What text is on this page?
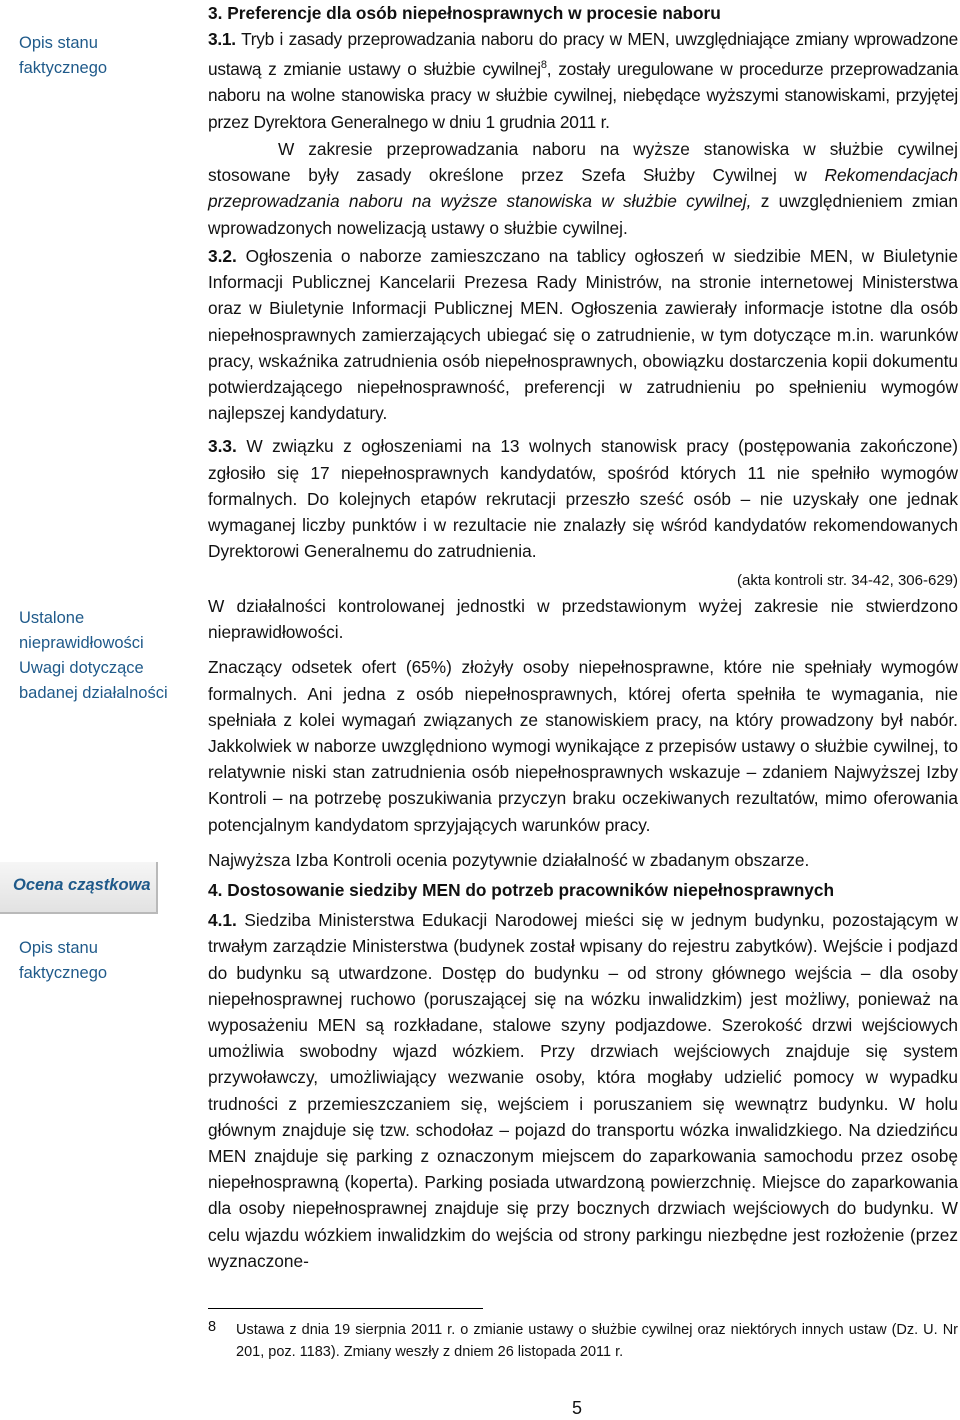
Opis stanu faktycznego
Ustalone nieprawidłowości
Uwagi dotyczące badanej działalności
Ocena cząstkowa
Opis stanu faktycznego

3. Preferencje dla osób niepełnosprawnych w procesie naboru

3.1. Tryb i zasady przeprowadzania naboru do pracy w MEN, uwzględniające zmiany wprowadzone ustawą z zmianie ustawy o służbie cywilnej$^8$, zostały uregulowane w procedurze przeprowadzania naboru na wolne stanowiska pracy w służbie cywilnej, niebędące wyższymi stanowiskami, przyjętej przez Dyrektora Generalnego w dniu 1 grudnia 2011 r.

W zakresie przeprowadzania naboru na wyższe stanowiska w służbie cywilnej stosowane były zasady określone przez Szefa Służby Cywilnej w Rekomendacjach przeprowadzania naboru na wyższe stanowiska w służbie cywilnej, z uwzględnieniem zmian wprowadzonych nowelizacją ustawy o służbie cywilnej.

3.2. Ogłoszenia o naborze zamieszczano na tablicy ogłoszeń w siedzibie MEN, w Biuletynie Informacji Publicznej Kancelarii Prezesa Rady Ministrów, na stronie internetowej Ministerstwa oraz w Biuletynie Informacji Publicznej MEN. Ogłoszenia zawierały informacje istotne dla osób niepełnosprawnych zamierzających ubiegać się o zatrudnienie, w tym dotyczące m.in. warunków pracy, wskaźnika zatrudnienia osób niepełnosprawnych, obowiązku dostarczenia kopii dokumentu potwierdzającego niepełnosprawność, preferencji w zatrudnieniu po spełnieniu wymogów najlepszej kandydatury.

3.3. W związku z ogłoszeniami na 13 wolnych stanowisk pracy (postępowania zakończone) zgłosiło się 17 niepełnosprawnych kandydatów, spośród których 11 nie spełniło wymogów formalnych. Do kolejnych etapów rekrutacji przeszło sześć osób – nie uzyskały one jednak wymaganej liczby punktów i w rezultacie nie znalazły się wśród kandydatów rekomendowanych Dyrektorowi Generalnemu do zatrudnienia.

(akta kontroli str. 34-42, 306-629)

W działalności kontrolowanej jednostki w przedstawionym wyżej zakresie nie stwierdzono nieprawidłowości.

Znaczący odsetek ofert (65%) złożyły osoby niepełnosprawne, które nie spełniały wymogów formalnych. Ani jedna z osób niepełnosprawnych, której oferta spełniła te wymagania, nie spełniała z kolei wymagań związanych ze stanowiskiem pracy, na który prowadzony był nabór. Jakkolwiek w naborze uwzględniono wymogi wynikające z przepisów ustawy o służbie cywilnej, to relatywnie niski stan zatrudnienia osób niepełnosprawnych wskazuje – zdaniem Najwyższej Izby Kontroli – na potrzebę poszukiwania przyczyn braku oczekiwanych rezultatów, mimo oferowania potencjalnym kandydatom sprzyjających warunków pracy.

Najwyższa Izba Kontroli ocenia pozytywnie działalność w zbadanym obszarze.

4. Dostosowanie siedziby MEN do potrzeb pracowników niepełnosprawnych

4.1. Siedziba Ministerstwa Edukacji Narodowej mieści się w jednym budynku, pozostającym w trwałym zarządzie Ministerstwa (budynek został wpisany do rejestru zabytków). Wejście i podjazd do budynku są utwardzone. Dostęp do budynku – od strony głównego wejścia – dla osoby niepełnosprawnej ruchowo (poruszającej się na wózku inwalidzkim) jest możliwy, ponieważ na wyposażeniu MEN są rozkładane, stalowe szyny podjazdowe. Szerokość drzwi wejściowych umożliwia swobodny wjazd wózkiem. Przy drzwiach wejściowych znajduje się system przywoławczy, umożliwiający wezwanie osoby, która mogłaby udzielić pomocy w wypadku trudności z przemieszczaniem się, wejściem i poruszaniem się wewnątrz budynku. W holu głównym znajduje się tzw. schodołaz – pojazd do transportu wózka inwalidzkiego. Na dziedzińcu MEN znajduje się parking z oznaczonym miejscem do zaparkowania samochodu przez osobę niepełnosprawną (koperta). Parking posiada utwardzoną powierzchnię. Miejsce do zaparkowania dla osoby niepełnosprawnej znajduje się przy bocznych drzwiach wejściowych do budynku. W celu wjazdu wózkiem inwalidzkim do wejścia od strony parkingu niezbędne jest rozłożenie (przez wyznaczone-

8 Ustawa z dnia 19 sierpnia 2011 r. o zmianie ustawy o służbie cywilnej oraz niektórych innych ustaw (Dz. U. Nr 201, poz. 1183). Zmiany weszły z dniem 26 listopada 2011 r.
5
